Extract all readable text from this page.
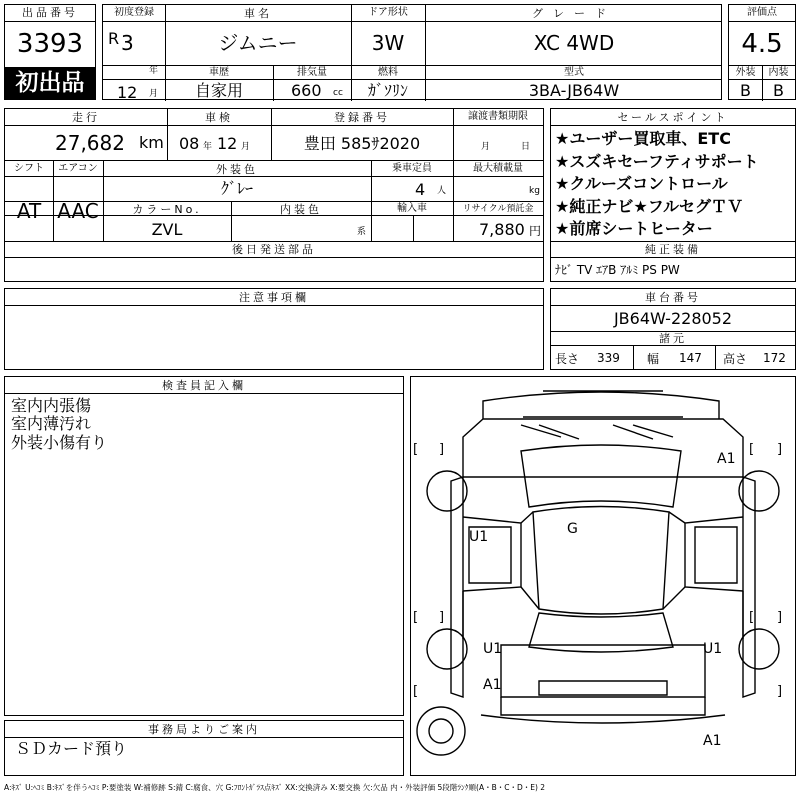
出品番号
3393
初出品
初度登録
R 3
年
12 月
車名
ジムニー
ドア形状
3W
グレード
XC 4WD
車歴
自家用
排気量
660 cc
燃料
ｶﾞｿﾘﾝ
型式
3BA-JB64W
評価点
4.5
外装	内装
B	B
走行
27,682 km
車検
08 年 12 月
登録番号
豊田 585ｻ2020
譲渡書類期限
月	日
シフト	エアコン
AT AAC
外装色
ｸﾞﾚｰ
乗車定員
4 人
最大積載量
kg
カラーNo.
ZVL
内装色
系
輸入車	リサイクル預託金
7,880 円
後日発送部品
セールスポイント
★ユーザー買取車、ETC
★スズキセーフティサポート
★クルーズコントロール
★純正ナビ★フルセグＴＶ
★前席シートヒーター
純正装備
ﾅﾋﾞ TV ｴｱB ｱﾙﾐ PS PW
注意事項欄	車台番号
JB64W-228052
諸元
長さ 339 幅 147 高さ 172
検査員記入欄
室内内張傷
室内薄汚れ
外装小傷有り
事務局よりご案内
ＳＤカード預り
A1
G
U1
U1	U1
A1
A1
[ ]	[ ]
[ ]	[ ]
[	]
A:ｷｽﾞ U:ﾍｺﾐ B:ｷｽﾞを伴うﾍｺﾐ P:要塗装 W:補修跡 S:錆 C:腐食、穴 G:ﾌﾛﾝﾄｶﾞﾗｽ点ｷｽﾞ XX:交換済み X:要交換 欠:欠品 内・外装評価 5段階ﾗﾝｸ順(A・B・C・D・E) 2
